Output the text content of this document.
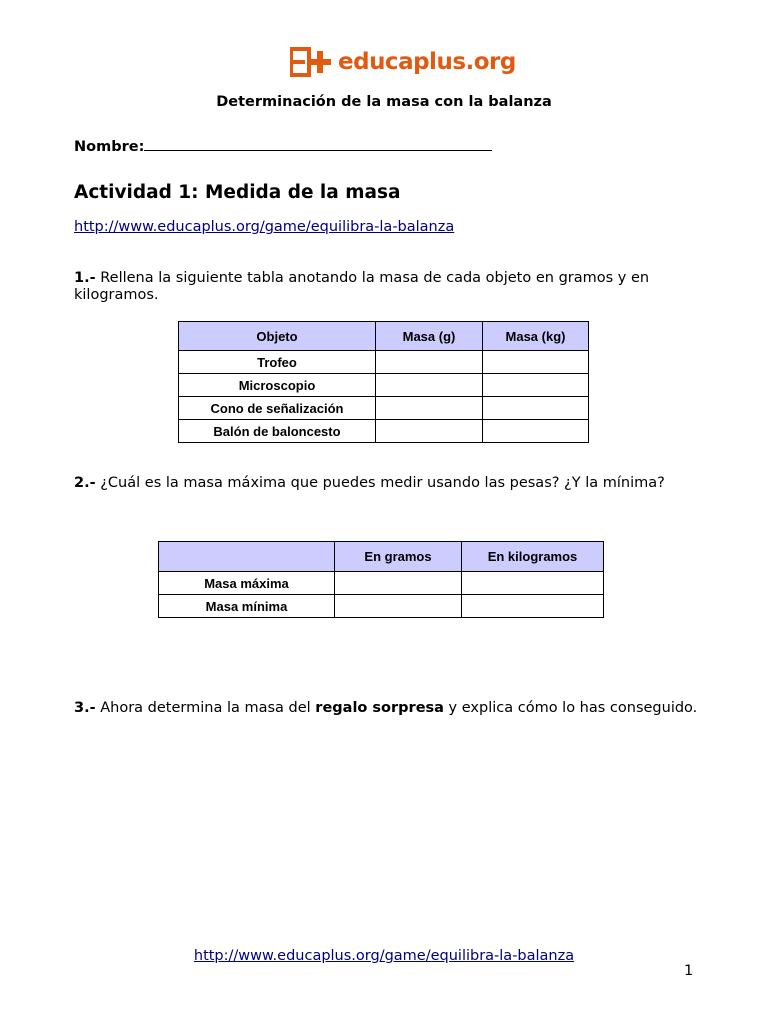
educaplus.org
Determinación de la masa con la balanza
Nombre:
Actividad 1: Medida de la masa
http://www.educaplus.org/game/equilibra-la-balanza
1.- Rellena la siguiente tabla anotando la masa de cada objeto en gramos y en kilogramos.
Objeto	Masa (g)	Masa (kg)
Trofeo		
Microscopio		
Cono de señalización		
Balón de baloncesto		
2.- ¿Cuál es la masa máxima que puedes medir usando las pesas? ¿Y la mínima?
	En gramos	En kilogramos
Masa máxima		
Masa mínima		
3.- Ahora determina la masa del regalo sorpresa y explica cómo lo has conseguido.
http://www.educaplus.org/game/equilibra-la-balanza
1
